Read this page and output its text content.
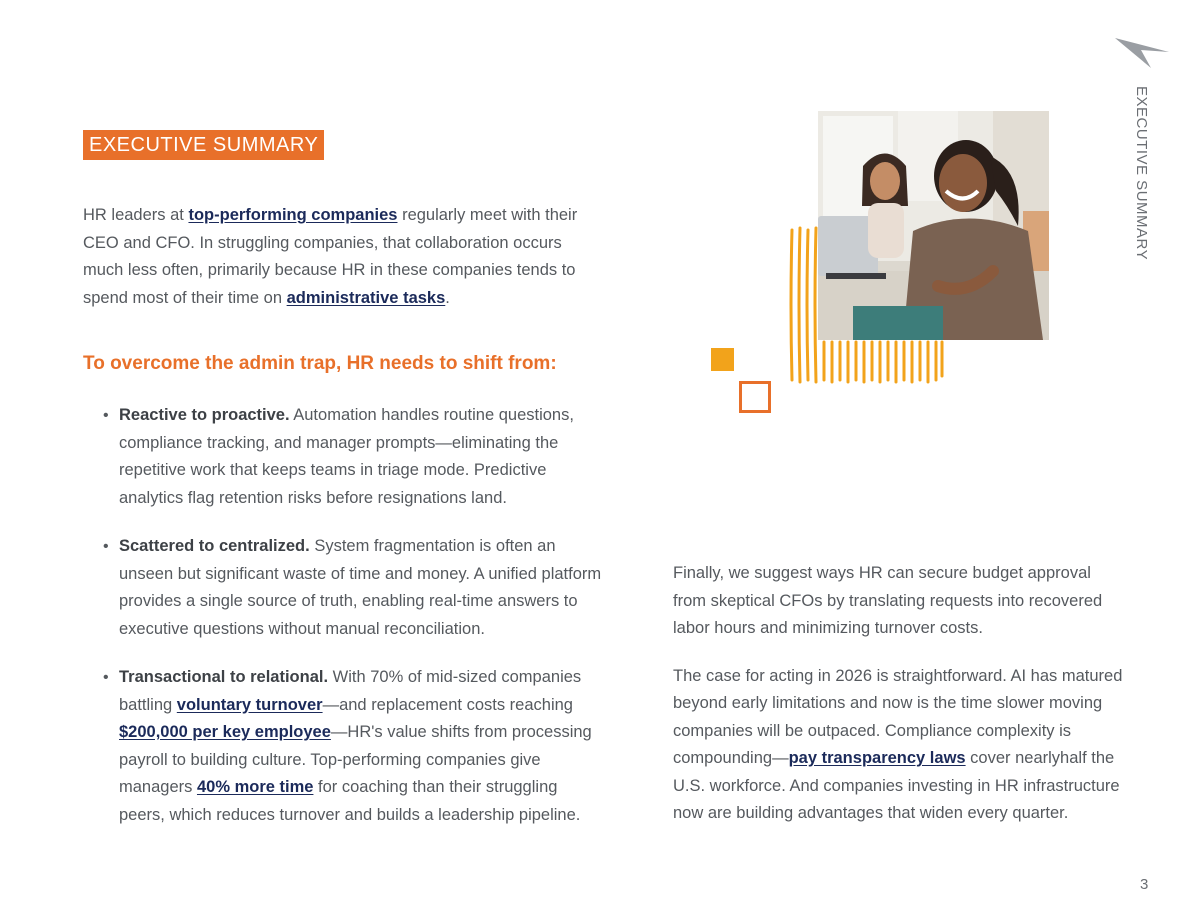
EXECUTIVE SUMMARY
EXECUTIVE SUMMARY
HR leaders at top-performing companies regularly meet with their CEO and CFO. In struggling companies, that collaboration occurs much less often, primarily because HR in these companies tends to spend most of their time on administrative tasks.
To overcome the admin trap, HR needs to shift from:
• Reactive to proactive. Automation handles routine questions, compliance tracking, and manager prompts—eliminating the repetitive work that keeps teams in triage mode. Predictive analytics flag retention risks before resignations land.
• Scattered to centralized. System fragmentation is often an unseen but significant waste of time and money. A unified platform provides a single source of truth, enabling real-time answers to executive questions without manual reconciliation.
• Transactional to relational. With 70% of mid-sized companies battling voluntary turnover—and replacement costs reaching $200,000 per key employee—HR's value shifts from processing payroll to building culture. Top-performing companies give managers 40% more time for coaching than their struggling peers, which reduces turnover and builds a leadership pipeline.

Finally, we suggest ways HR can secure budget approval from skeptical CFOs by translating requests into recovered labor hours and minimizing turnover costs.

The case for acting in 2026 is straightforward. AI has matured beyond early limitations and now is the time slower moving companies will be outpaced. Compliance complexity is compounding—pay transparency laws cover nearlyhalf the U.S. workforce. And companies investing in HR infrastructure now are building advantages that widen every quarter.

3
